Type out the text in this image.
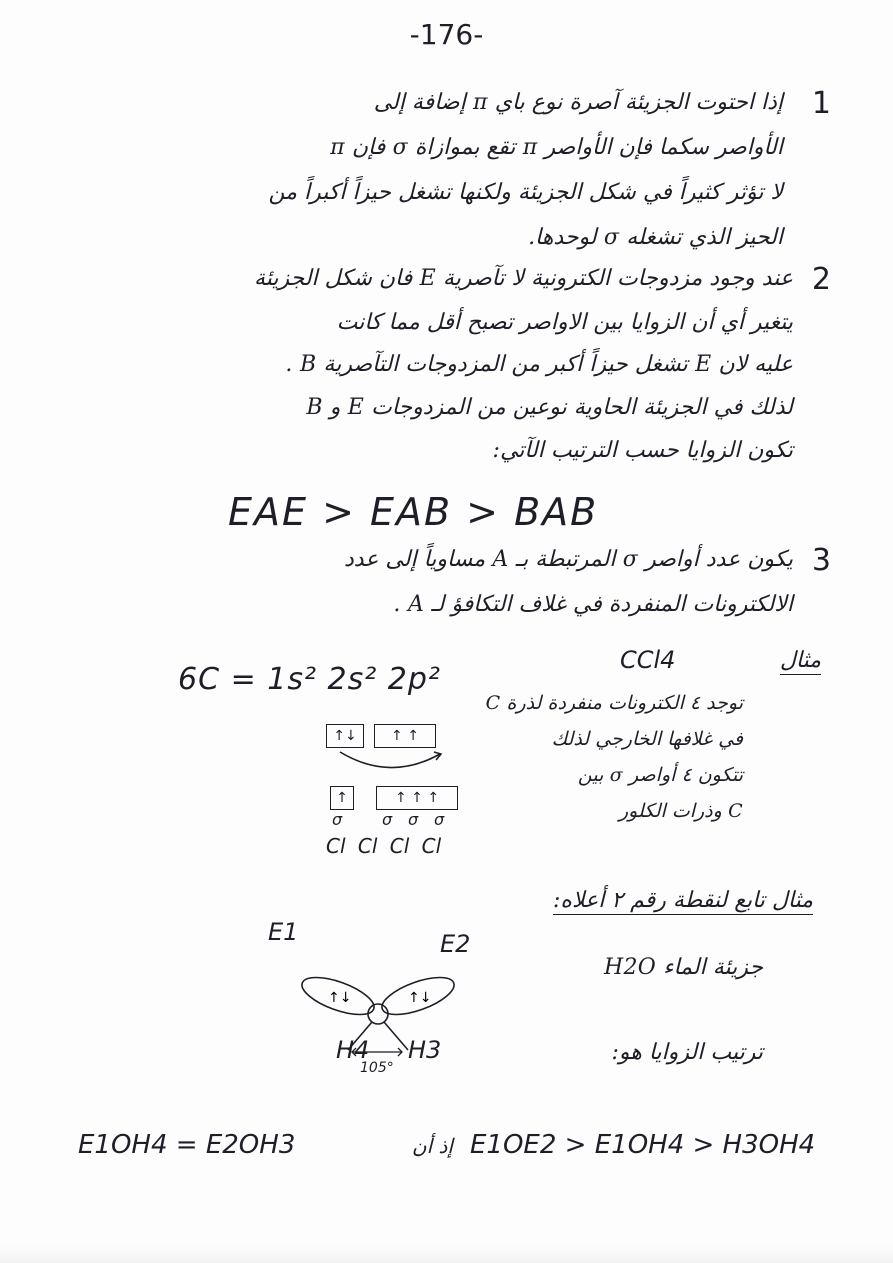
-176-
1
إذا احتوت الجزيئة آصرة نوع باي π إضافة إلى
الأواصر سكما فإن الأواصر π تقع بموازاة σ فإن π
لا تؤثر كثيراً في شكل الجزيئة ولكنها تشغل حيزاً أكبراً من
الحيز الذي تشغله σ لوحدها.
2
عند وجود مزدوجات الكترونية لا تآصرية E فان شكل الجزيئة
يتغير أي أن الزوايا بين الاواصر تصبح أقل مما كانت
عليه لان E تشغل حيزاً أكبر من المزدوجات التآصرية B .
لذلك في الجزيئة الحاوية نوعين من المزدوجات E و B
تكون الزوايا حسب الترتيب الآتي:
EAE > EAB > BAB
3
يكون عدد أواصر σ المرتبطة بـ A مساوياً إلى عدد
الالكترونات المنفردة في غلاف التكافؤ لـ A .
مثال
CCl4
6C = 1s² 2s² 2p²
↑↓	↑ ↑
↑	↑ ↑ ↑
σ σ σ σ
Cl Cl Cl Cl
توجد ٤ الكترونات منفردة لذرة C
في غلافها الخارجي لذلك
تتكون ٤ أواصر σ بين
C وذرات الكلور
مثال تابع لنقطة رقم ٢ أعلاه:
جزيئة الماء H2O
ترتيب الزوايا هو:
↑↓	↑↓
E1	E2
H4 H3
105°
E1OH4 = E2OH3	إذ أن E1OE2 > E1OH4 > H3OH4
